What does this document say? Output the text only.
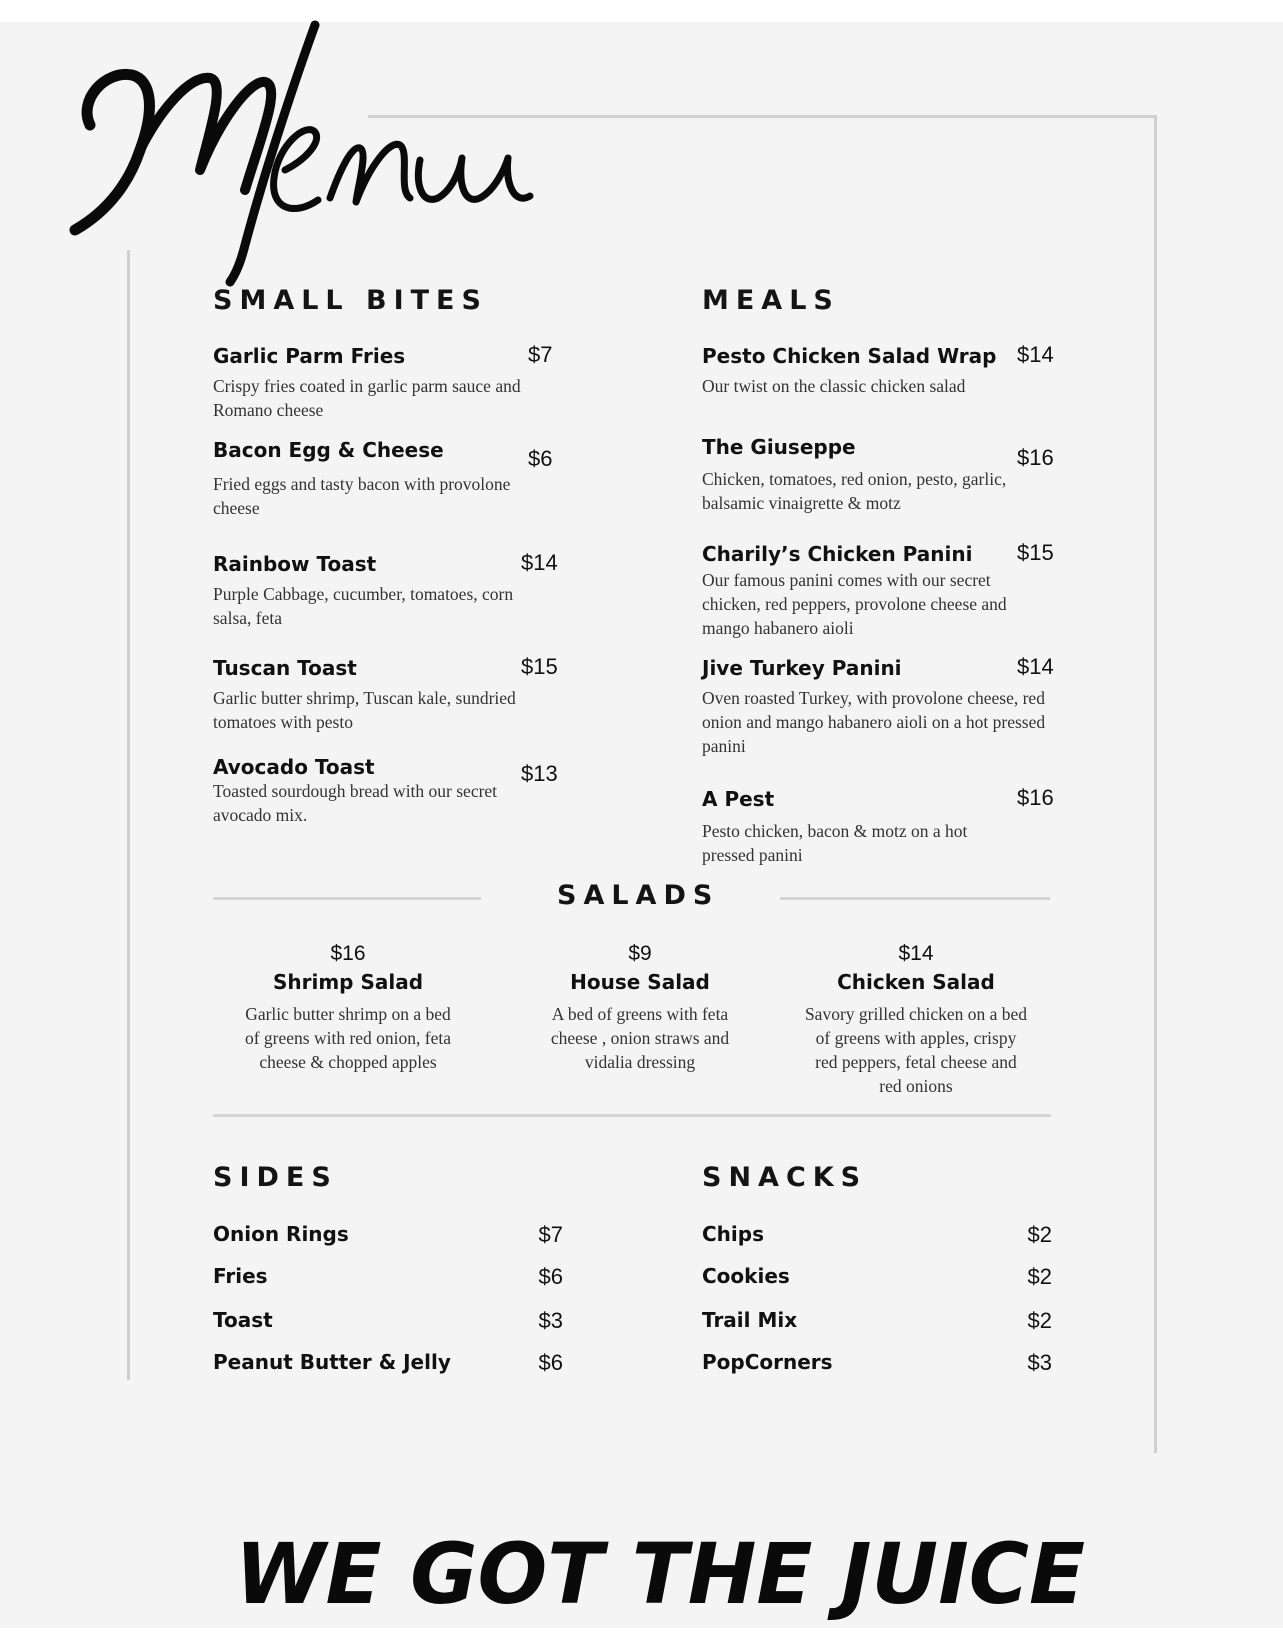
SMALL BITES
Garlic Parm Fries	$7
Crispy fries coated in garlic parm sauce and Romano cheese
Bacon Egg & Cheese	$6
Fried eggs and tasty bacon with provolone cheese
Rainbow Toast	$14
Purple Cabbage, cucumber, tomatoes, corn salsa, feta
Tuscan Toast	$15
Garlic butter shrimp, Tuscan kale, sundried tomatoes with pesto
Avocado Toast	$13
Toasted sourdough bread with our secret avocado mix.
MEALS
Pesto Chicken Salad Wrap $14
Our twist on the classic chicken salad
The Giuseppe	$16
Chicken, tomatoes, red onion, pesto, garlic, balsamic vinaigrette & motz
Charily’s Chicken Panini	$15
Our famous panini comes with our secret chicken, red peppers, provolone cheese and mango habanero aioli
Jive Turkey Panini	$14
Oven roasted Turkey, with provolone cheese, red onion and mango habanero aioli on a hot pressed panini
A Pest	$16
Pesto chicken, bacon & motz on a hot pressed panini
SALADS
$16
Shrimp Salad
Garlic butter shrimp on a bed of greens with red onion, feta cheese & chopped apples
$9
House Salad
A bed of greens with feta cheese , onion straws and vidalia dressing
$14
Chicken Salad
Savory grilled chicken on a bed of greens with apples, crispy red peppers, fetal cheese and red onions
SIDES
Onion Rings	$7
Fries	$6
Toast	$3
Peanut Butter & Jelly	$6
SNACKS
Chips	$2
Cookies	$2
Trail Mix	$2
PopCorners	$3
WE GOT THE JUICE
